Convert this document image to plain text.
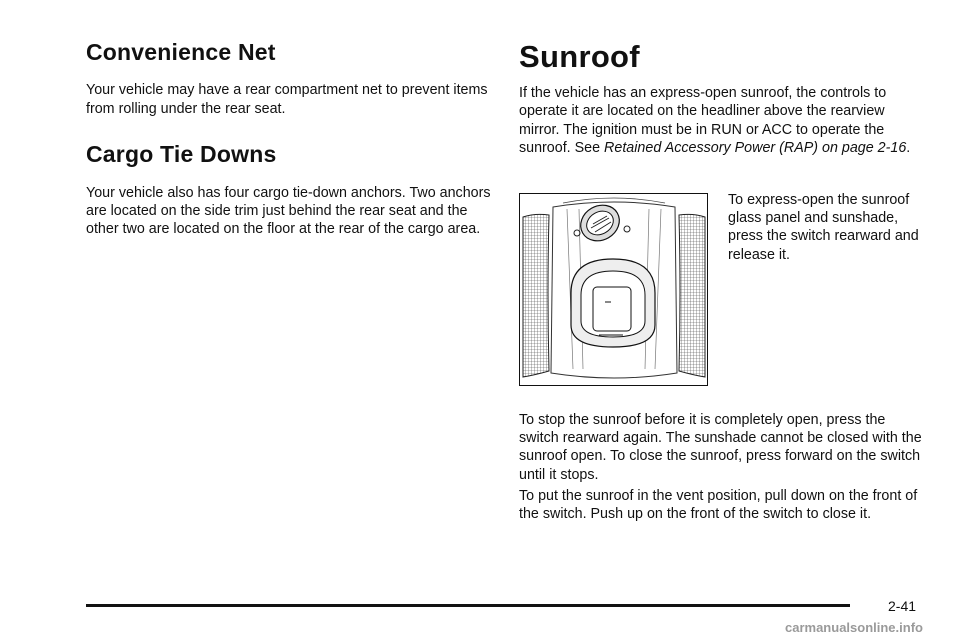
Convenience Net

Your vehicle may have a rear compartment net to prevent items from rolling under the rear seat.

Cargo Tie Downs

Your vehicle also has four cargo tie-down anchors. Two anchors are located on the side trim just behind the rear seat and the other two are located on the floor at the rear of the cargo area.

Sunroof

If the vehicle has an express-open sunroof, the controls to operate it are located on the headliner above the rearview mirror. The ignition must be in RUN or ACC to operate the sunroof. See Retained Accessory Power (RAP) on page 2-16.

To express-open the sunroof glass panel and sunshade, press the switch rearward and release it.

To stop the sunroof before it is completely open, press the switch rearward again. The sunshade cannot be closed with the sunroof open. To close the sunroof, press forward on the switch until it stops.

To put the sunroof in the vent position, pull down on the front of the switch. Push up on the front of the switch to close it.

2-41
carmanualsonline.info
